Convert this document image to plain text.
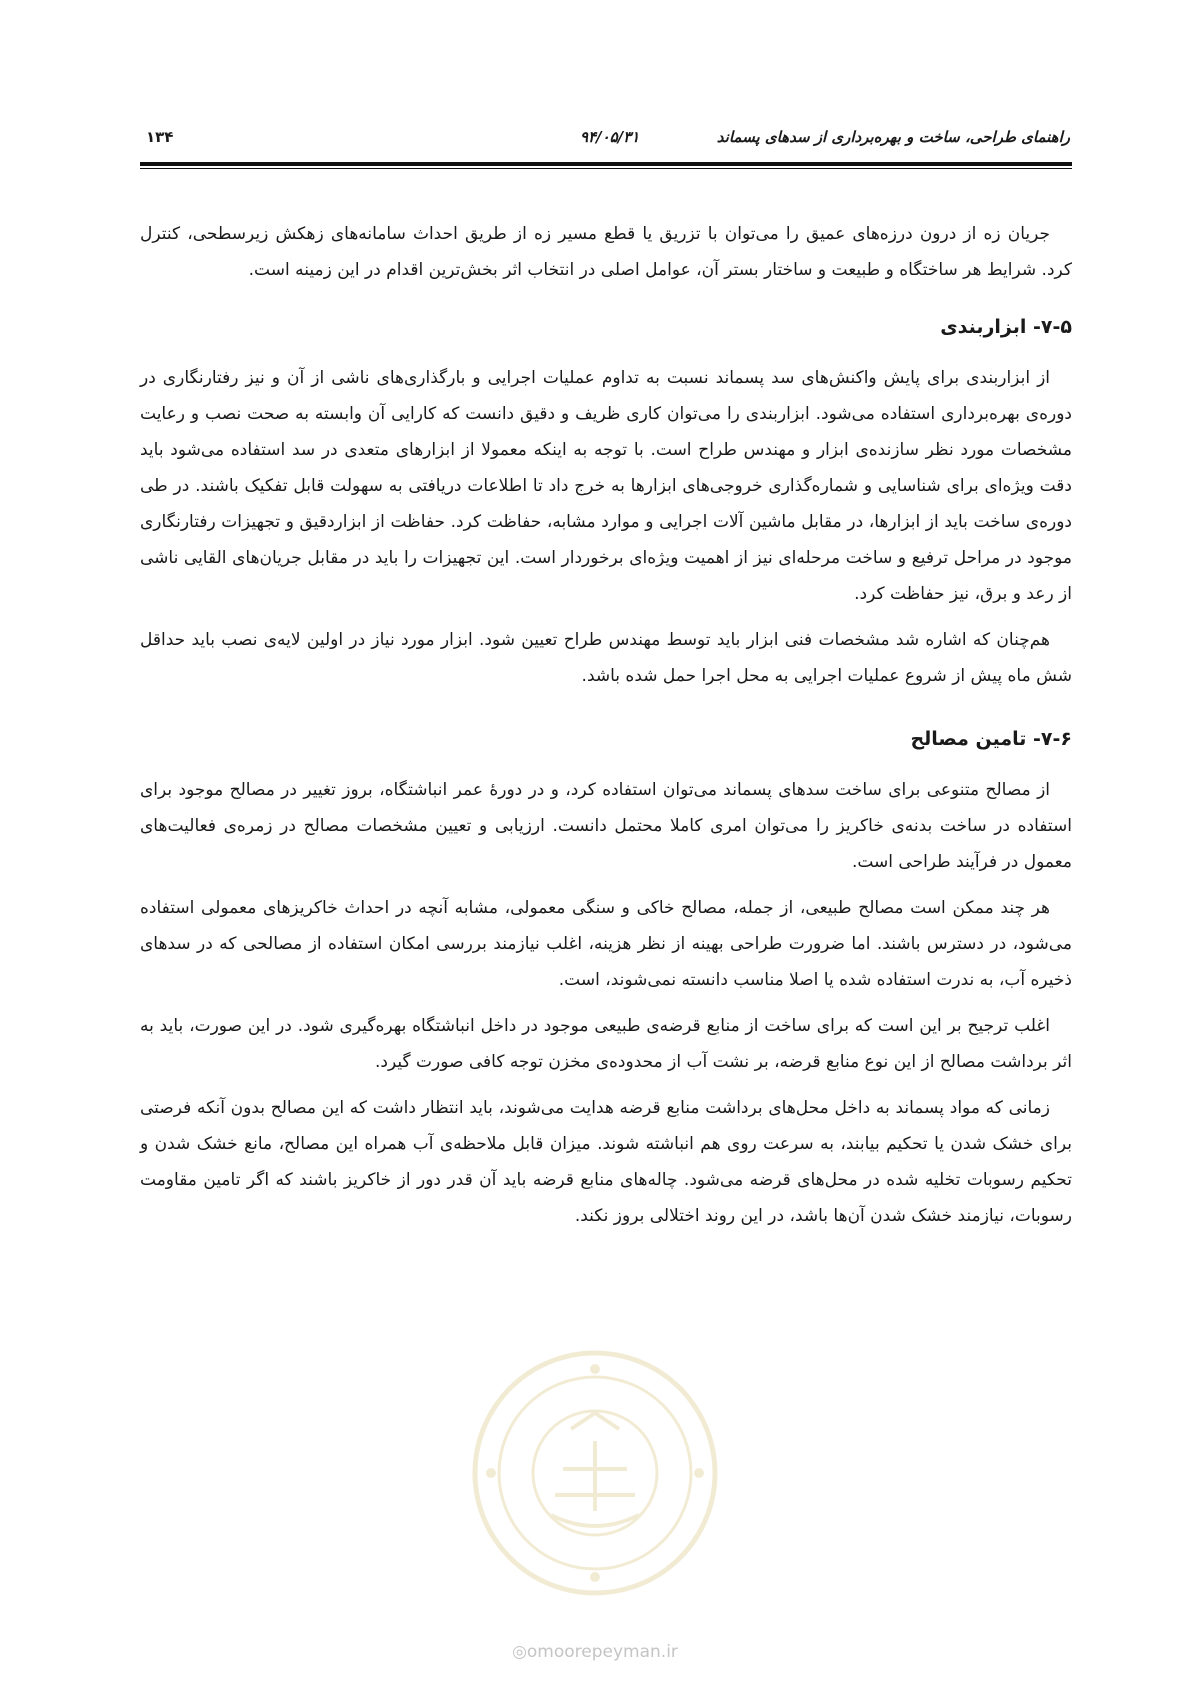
۱۳۴	۹۴/۰۵/۳۱	راهنمای طراحی، ساخت و بهره‌برداری از سدهای پسماند

جریان زه از درون درزه‌های عمیق را می‌توان با تزریق یا قطع مسیر زه از طریق احداث سامانه‌های زهکش زیرسطحی، کنترل کرد. شرایط هر ساختگاه و طبیعت و ساختار بستر آن، عوامل اصلی در انتخاب اثر بخش‌ترین اقدام در این زمینه است.

۷-۵- ابزاربندی

از ابزاربندی برای پایش واکنش‌های سد پسماند نسبت به تداوم عملیات اجرایی و بارگذاری‌های ناشی از آن و نیز رفتارنگاری در دوره‌ی بهره‌برداری استفاده می‌شود. ابزاربندی را می‌توان کاری ظریف و دقیق دانست که کارایی آن وابسته به صحت نصب و رعایت مشخصات مورد نظر سازنده‌ی ابزار و مهندس طراح است. با توجه به اینکه معمولا از ابزارهای متعدی در سد استفاده می‌شود باید دقت ویژه‌ای برای شناسایی و شماره‌گذاری خروجی‌های ابزارها به خرج داد تا اطلاعات دریافتی به سهولت قابل تفکیک باشند. در طی دوره‌ی ساخت باید از ابزارها، در مقابل ماشین آلات اجرایی و موارد مشابه، حفاظت کرد. حفاظت از ابزاردقیق و تجهیزات رفتارنگاری موجود در مراحل ترفیع و ساخت مرحله‌ای نیز از اهمیت ویژه‌ای برخوردار است. این تجهیزات را باید در مقابل جریان‌های القایی ناشی از رعد و برق، نیز حفاظت کرد.

هم‌چنان که اشاره شد مشخصات فنی ابزار باید توسط مهندس طراح تعیین شود. ابزار مورد نیاز در اولین لایه‌ی نصب باید حداقل شش ماه پیش از شروع عملیات اجرایی به محل اجرا حمل شده باشد.

۷-۶- تامین مصالح

از مصالح متنوعی برای ساخت سدهای پسماند می‌توان استفاده کرد، و در دورهٔ عمر انباشتگاه، بروز تغییر در مصالح موجود برای استفاده در ساخت بدنه‌ی خاکریز را می‌توان امری کاملا محتمل دانست. ارزیابی و تعیین مشخصات مصالح در زمره‌ی فعالیت‌های معمول در فرآیند طراحی است.

هر چند ممکن است مصالح طبیعی، از جمله، مصالح خاکی و سنگی معمولی، مشابه آنچه در احداث خاکریزهای معمولی استفاده می‌شود، در دسترس باشند. اما ضرورت طراحی بهینه از نظر هزینه، اغلب نیازمند بررسی امکان استفاده از مصالحی که در سدهای ذخیره آب، به ندرت استفاده شده یا اصلا مناسب دانسته نمی‌شوند، است.

اغلب ترجیح بر این است که برای ساخت از منابع قرضه‌ی طبیعی موجود در داخل انباشتگاه بهره‌گیری شود. در این صورت، باید به اثر برداشت مصالح از این نوع منابع قرضه، بر نشت آب از محدوده‌ی مخزن توجه کافی صورت گیرد.

زمانی که مواد پسماند به داخل محل‌های برداشت منابع قرضه هدایت می‌شوند، باید انتظار داشت که این مصالح بدون آنکه فرصتی برای خشک شدن یا تحکیم بیابند، به سرعت روی هم انباشته شوند. میزان قابل ملاحظه‌ی آب همراه این مصالح، مانع خشک شدن و تحکیم رسوبات تخلیه شده در محل‌های قرضه می‌شود. چاله‌های منابع قرضه باید آن قدر دور از خاکریز باشند که اگر تامین مقاومت رسوبات، نیازمند خشک شدن آن‌ها باشد، در این روند اختلالی بروز نکند.

◎omoorepeyman.ir
